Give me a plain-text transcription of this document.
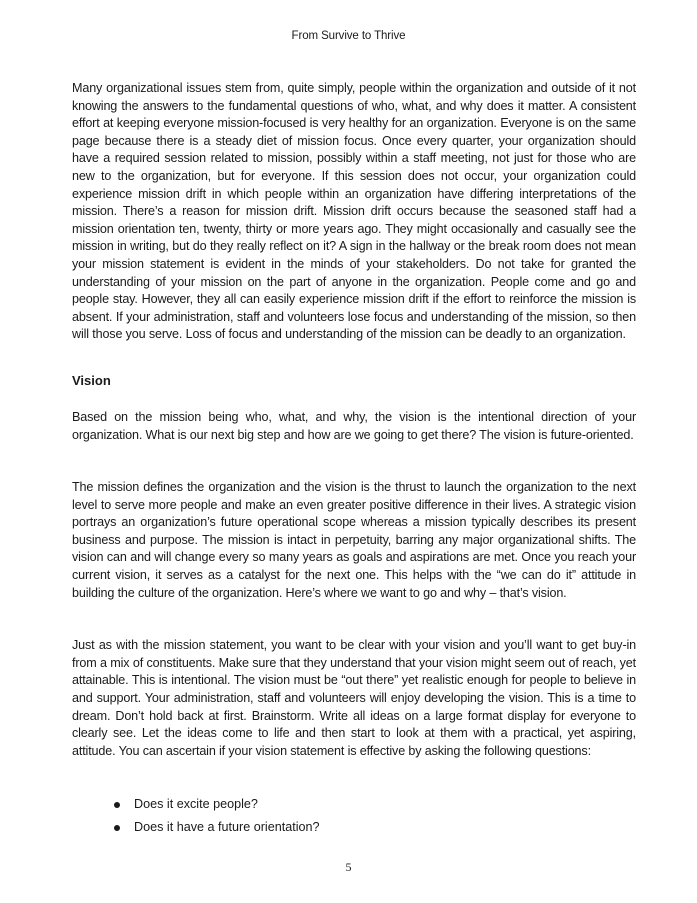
From Survive to Thrive

Many organizational issues stem from, quite simply, people within the organization and outside of it not knowing the answers to the fundamental questions of who, what, and why does it matter. A consistent effort at keeping everyone mission-focused is very healthy for an organization. Everyone is on the same page because there is a steady diet of mission focus. Once every quarter, your organization should have a required session related to mission, possibly within a staff meeting, not just for those who are new to the organization, but for everyone. If this session does not occur, your organization could experience mission drift in which people within an organization have differing interpretations of the mission. There’s a reason for mission drift. Mission drift occurs because the seasoned staff had a mission orientation ten, twenty, thirty or more years ago. They might occasionally and casually see the mission in writing, but do they really reflect on it? A sign in the hallway or the break room does not mean your mission statement is evident in the minds of your stakeholders. Do not take for granted the understanding of your mission on the part of anyone in the organization. People come and go and people stay. However, they all can easily experience mission drift if the effort to reinforce the mission is absent. If your administration, staff and volunteers lose focus and understanding of the mission, so then will those you serve. Loss of focus and understanding of the mission can be deadly to an organization.

Vision

Based on the mission being who, what, and why, the vision is the intentional direction of your organization. What is our next big step and how are we going to get there? The vision is future-oriented.

The mission defines the organization and the vision is the thrust to launch the organization to the next level to serve more people and make an even greater positive difference in their lives. A strategic vision portrays an organization’s future operational scope whereas a mission typically describes its present business and purpose. The mission is intact in perpetuity, barring any major organizational shifts. The vision can and will change every so many years as goals and aspirations are met. Once you reach your current vision, it serves as a catalyst for the next one. This helps with the “we can do it” attitude in building the culture of the organization. Here’s where we want to go and why – that’s vision.

Just as with the mission statement, you want to be clear with your vision and you’ll want to get buy-in from a mix of constituents. Make sure that they understand that your vision might seem out of reach, yet attainable. This is intentional. The vision must be “out there” yet realistic enough for people to believe in and support. Your administration, staff and volunteers will enjoy developing the vision. This is a time to dream. Don’t hold back at first. Brainstorm. Write all ideas on a large format display for everyone to clearly see. Let the ideas come to life and then start to look at them with a practical, yet aspiring, attitude. You can ascertain if your vision statement is effective by asking the following questions:

Does it excite people?
Does it have a future orientation?
5
